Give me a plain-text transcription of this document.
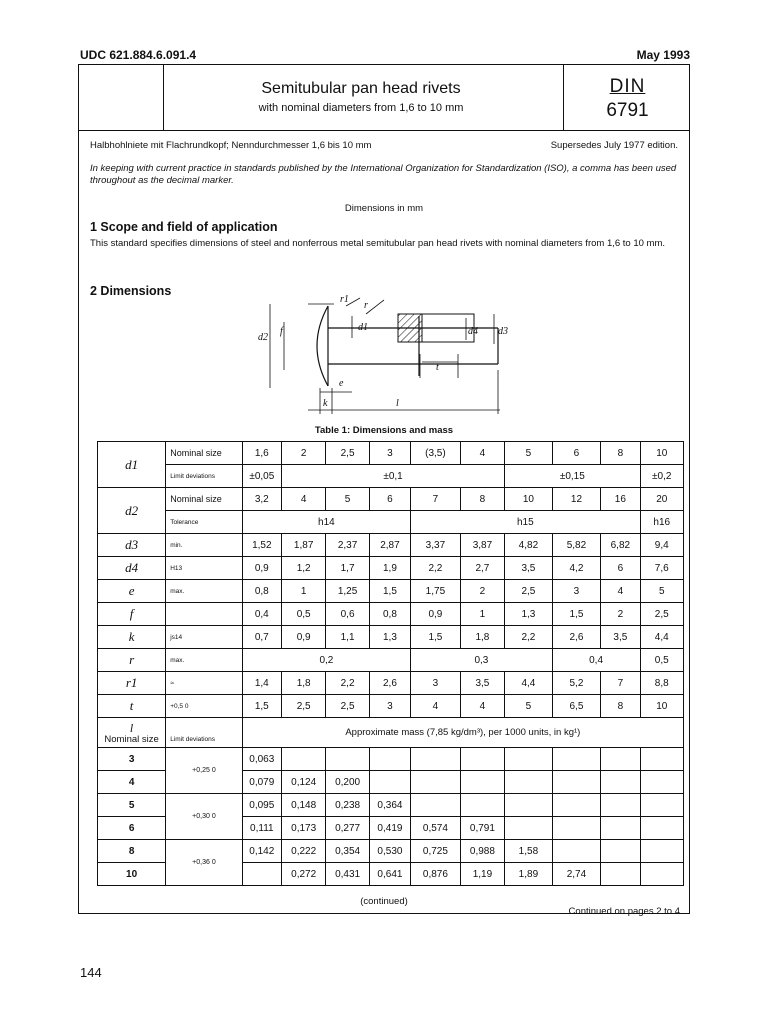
UDC 621.884.6.091.4	May 1993
Semitubular pan head rivets
with nominal diameters from 1,6 to 10 mm
DIN
6791
Halbhohlniete mit Flachrundkopf; Nenndurchmesser 1,6 bis 10 mm	Supersedes July 1977 edition.
In keeping with current practice in standards published by the International Organization for Standardization (ISO), a comma has been used throughout as the decimal marker.
Dimensions in mm
1 Scope and field of application
This standard specifies dimensions of steel and nonferrous metal semitubular pan head rivets with nominal diameters from 1,6 to 10 mm.
2 Dimensions
r1
r
d2
f	d1	d4 d3
t
e
k	l
Table 1: Dimensions and mass
d1	Nominal size	1,6	2	2,5	3	(3,5)	4	5	6	8	10
	Limit deviations	±0,05	±0,1					±0,15			±0,2
d2	Nominal size	3,2	4	5	6	7	8	10	12	16	20
	Tolerance	h14				h15					h16
d3	min.	1,52	1,87	2,37	2,87	3,37	3,87	4,82	5,82	6,82	9,4
d4	H13	0,9	1,2	1,7	1,9	2,2	2,7	3,5	4,2	6	7,6
e	max.	0,8	1	1,25	1,5	1,75	2	2,5	3	4	5
f		0,4	0,5	0,6	0,8	0,9	1	1,3	1,5	2	2,5
k	js14	0,7	0,9	1,1	1,3	1,5	1,8	2,2	2,6	3,5	4,4
r	max.	0,2				0,3			0,4		0,5
r1	≈	1,4	1,8	2,2	2,6	3	3,5	4,4	5,2	7	8,8
t	+0,5 0	1,5	2,5	2,5	3	4	4	5	6,5	8	10

l
Nominal size	Limit deviations	Approximate mass (7,85 kg/dm³), per 1000 units, in kg¹)									
3	+0,25 0	0,063									
4		0,079	0,124	0,200							
5	+0,30 0	0,095	0,148	0,238	0,364						
6		0,111	0,173	0,277	0,419	0,574	0,791				
8	+0,36 0	0,142	0,222	0,354	0,530	0,725	0,988	1,58			
10			0,272	0,431	0,641	0,876	1,19	1,89	2,74		
(continued)
Continued on pages 2 to 4
144
